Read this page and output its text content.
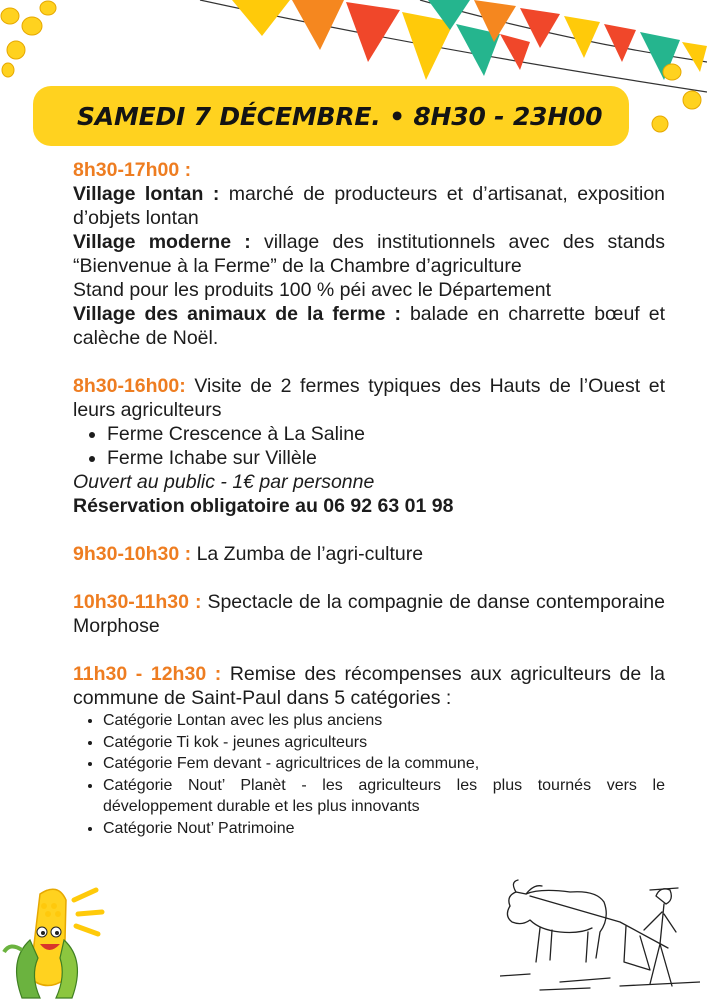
SAMEDI 7 DÉCEMBRE. • 8H30 - 23H00

8h30-17h00 :

Village lontan : marché de producteurs et d’artisanat, exposition d’objets lontan

Village moderne : village des institutionnels avec des stands “Bienvenue à la Ferme” de la Chambre d’agriculture

Stand pour les produits 100 % péi avec le Département

Village des animaux de la ferme : balade en charrette bœuf et calèche de Noël.

8h30-16h00: Visite de 2 fermes typiques des Hauts de l’Ouest et leurs agriculteurs

• Ferme Crescence à La Saline
• Ferme Ichabe sur Villèle

Ouvert au public - 1€ par personne

Réservation obligatoire au 06 92 63 01 98

9h30-10h30 : La Zumba de l’agri-culture

10h30-11h30 : Spectacle de la compagnie de danse contemporaine Morphose

11h30 - 12h30 : Remise des récompenses aux agriculteurs de la commune de Saint-Paul dans 5 catégories :

• Catégorie Lontan avec les plus anciens
• Catégorie Ti kok - jeunes agriculteurs
• Catégorie Fem devant - agricultrices de la commune,
• Catégorie Nout’ Planèt - les agriculteurs les plus tournés vers le développement durable et les plus innovants
• Catégorie Nout’ Patrimoine
